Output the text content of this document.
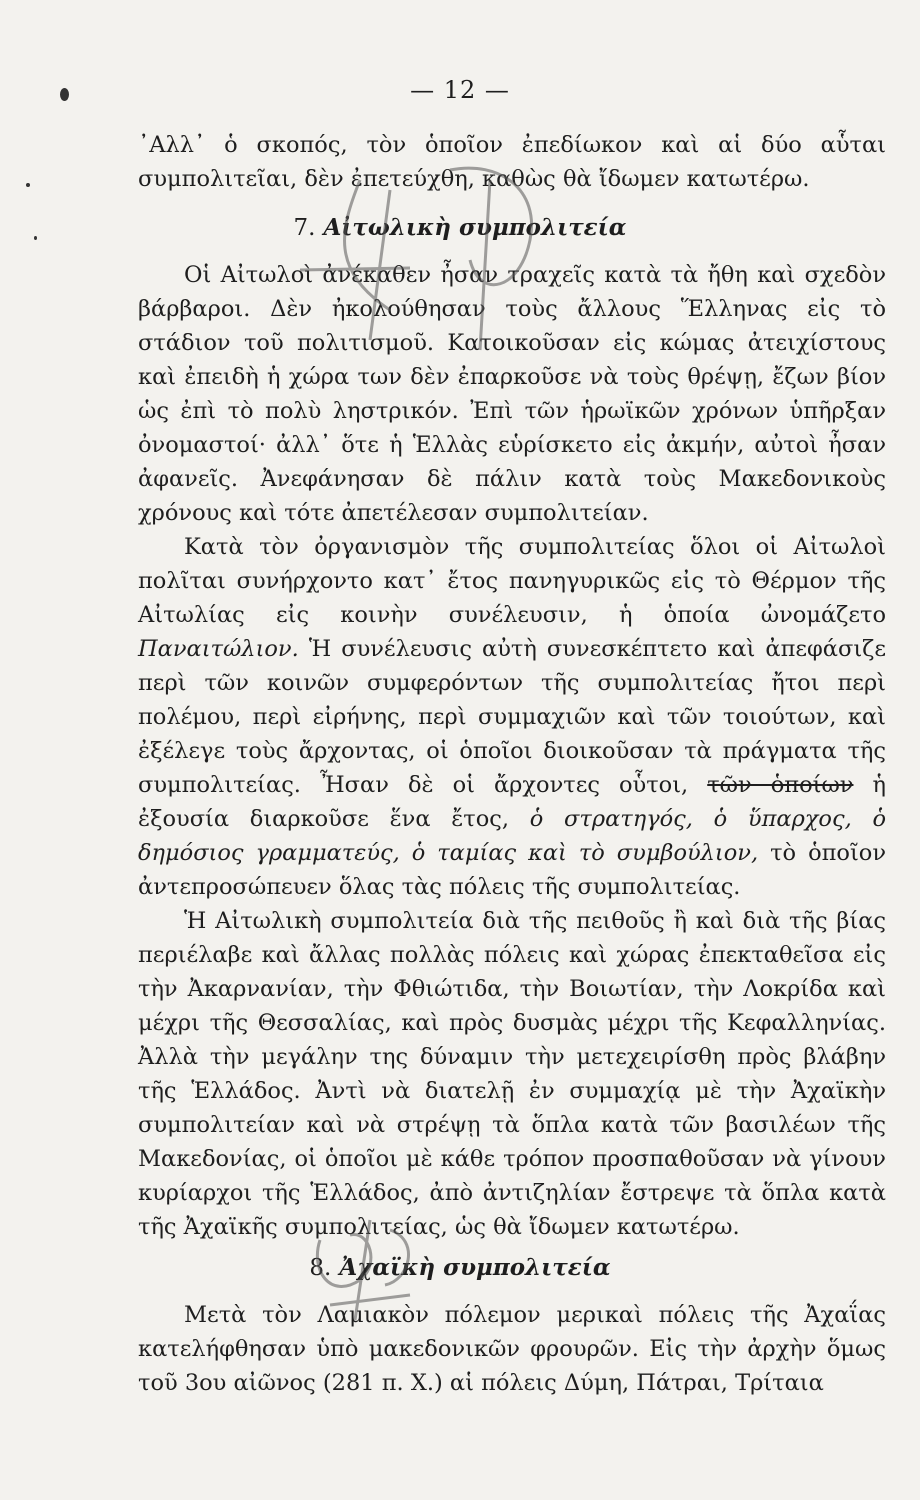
— 12 —

᾿Αλλ᾿ ὁ σκοπός, τὸν ὁποῖον ἐπεδίωκον καὶ αἱ δύο αὗται συμπολιτεῖαι, δὲν ἐπετεύχθη, καθὼς θὰ ἴδωμεν κατωτέρω.

7. Αἰτωλικὴ συμπολιτεία

Οἱ Αἰτωλοὶ ἀνέκαθεν ἦσαν τραχεῖς κατὰ τὰ ἤθη καὶ σχεδὸν βάρβαροι. Δὲν ἠκολούθησαν τοὺς ἄλλους Ἕλληνας εἰς τὸ στάδιον τοῦ πολιτισμοῦ. Κατοικοῦσαν εἰς κώμας ἀτειχίστους καὶ ἐπειδὴ ἡ χώρα των δὲν ἐπαρκοῦσε νὰ τοὺς θρέψῃ, ἔζων βίον ὡς ἐπὶ τὸ πολὺ ληστρικόν. Ἐπὶ τῶν ἡρωϊκῶν χρόνων ὑπῆρξαν ὀνομαστοί· ἀλλ᾿ ὅτε ἡ Ἑλλὰς εὑρίσκετο εἰς ἀκμήν, αὐτοὶ ἦσαν ἀφανεῖς. Ἀνεφάνησαν δὲ πάλιν κατὰ τοὺς Μακεδονικοὺς χρόνους καὶ τότε ἀπετέλεσαν συμπολιτείαν.

Κατὰ τὸν ὀργανισμὸν τῆς συμπολιτείας ὅλοι οἱ Αἰτωλοὶ πολῖται συνήρχοντο κατ᾿ ἔτος πανηγυρικῶς εἰς τὸ Θέρμον τῆς Αἰτωλίας εἰς κοινὴν συνέλευσιν, ἡ ὁποία ὠνομάζετο Παναιτώλιον. Ἡ συνέλευσις αὐτὴ συνεσκέπτετο καὶ ἀπεφάσιζε περὶ τῶν κοινῶν συμφερόντων τῆς συμπολιτείας ἤτοι περὶ πολέμου, περὶ εἰρήνης, περὶ συμμαχιῶν καὶ τῶν τοιούτων, καὶ ἐξέλεγε τοὺς ἄρχοντας, οἱ ὁποῖοι διοικοῦσαν τὰ πράγματα τῆς συμπολιτείας. Ἦσαν δὲ οἱ ἄρχοντες οὗτοι, τῶν ὁποίων ἡ ἐξουσία διαρκοῦσε ἕνα ἔτος, ὁ στρατηγός, ὁ ὕπαρχος, ὁ δημόσιος γραμματεύς, ὁ ταμίας καὶ τὸ συμβούλιον, τὸ ὁποῖον ἀντεπροσώπευεν ὅλας τὰς πόλεις τῆς συμπολιτείας.

Ἡ Αἰτωλικὴ συμπολιτεία διὰ τῆς πειθοῦς ἢ καὶ διὰ τῆς βίας περιέλαβε καὶ ἄλλας πολλὰς πόλεις καὶ χώρας ἐπεκταθεῖσα εἰς τὴν Ἀκαρνανίαν, τὴν Φθιώτιδα, τὴν Βοιωτίαν, τὴν Λοκρίδα καὶ μέχρι τῆς Θεσσαλίας, καὶ πρὸς δυσμὰς μέχρι τῆς Κεφαλληνίας. Ἀλλὰ τὴν μεγάλην της δύναμιν τὴν μετεχειρίσθη πρὸς βλάβην τῆς Ἑλλάδος. Ἀντὶ νὰ διατελῇ ἐν συμμαχίᾳ μὲ τὴν Ἀχαϊκὴν συμπολιτείαν καὶ νὰ στρέψῃ τὰ ὅπλα κατὰ τῶν βασιλέων τῆς Μακεδονίας, οἱ ὁποῖοι μὲ κάθε τρόπον προσπαθοῦσαν νὰ γίνουν κυρίαρχοι τῆς Ἑλλάδος, ἀπὸ ἀντιζηλίαν ἔστρεψε τὰ ὅπλα κατὰ τῆς Ἀχαϊκῆς συμπολιτείας, ὡς θὰ ἴδωμεν κατωτέρω.

8. Ἀχαϊκὴ συμπολιτεία

Μετὰ τὸν Λαμιακὸν πόλεμον μερικαὶ πόλεις τῆς Ἀχαΐας κατελήφθησαν ὑπὸ μακεδονικῶν φρουρῶν. Εἰς τὴν ἀρχὴν ὅμως τοῦ 3ου αἰῶνος (281 π. Χ.) αἱ πόλεις Δύμη, Πάτραι, Τρίταια
